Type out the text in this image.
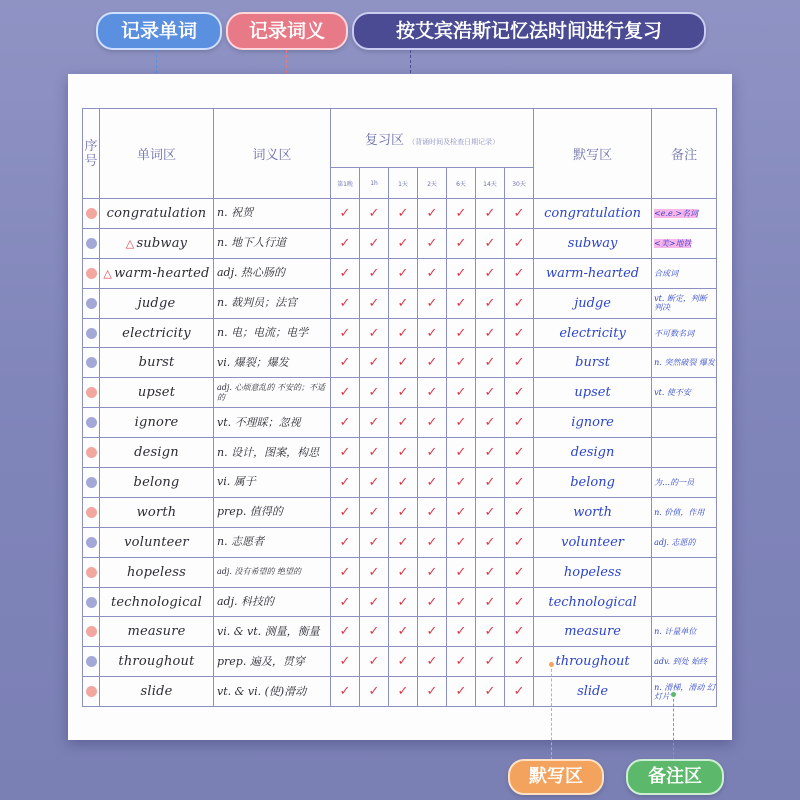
记录单词	记录词义	按艾宾浩斯记忆法时间进行复习
序号	单词区	词义区	复习区 （背诵时间及检查日期记录）							默写区	备注
			第1晚	1h	1天	2天	6天	14天	30天		

	congratulation	n. 祝贺	✓	✓	✓	✓	✓	✓	✓	congratulation	<e.e.>名词

	△ subway	n. 地下人行道	✓	✓	✓	✓	✓	✓	✓	subway	<美>地铁

	△ warm-hearted	adj. 热心肠的	✓	✓	✓	✓	✓	✓	✓	warm-hearted	合成词

	judge	n. 裁判员；法官	✓	✓	✓	✓	✓	✓	✓	judge	vt. 断定，判断 判决

	electricity	n. 电；电流；电学	✓	✓	✓	✓	✓	✓	✓	electricity	不可数名词

	burst	vi. 爆裂；爆发	✓	✓	✓	✓	✓	✓	✓	burst	n. 突然破裂 爆发

	upset	adj. 心烦意乱的 不安的；不适的	✓	✓	✓	✓	✓	✓	✓	upset	vt. 使不安

	ignore	vt. 不理睬；忽视	✓	✓	✓	✓	✓	✓	✓	ignore	

	design	n. 设计，图案，构思	✓	✓	✓	✓	✓	✓	✓	design	

	belong	vi. 属于	✓	✓	✓	✓	✓	✓	✓	belong	为…的一员

	worth	prep. 值得的	✓	✓	✓	✓	✓	✓	✓	worth	n. 价值，作用

	volunteer	n. 志愿者	✓	✓	✓	✓	✓	✓	✓	volunteer	adj. 志愿的

	hopeless	adj. 没有希望的 绝望的	✓	✓	✓	✓	✓	✓	✓	hopeless	

	technological	adj. 科技的	✓	✓	✓	✓	✓	✓	✓	technological	

	measure	vi. & vt. 测量，衡量	✓	✓	✓	✓	✓	✓	✓	measure	n. 计量单位

	throughout	prep. 遍及，贯穿	✓	✓	✓	✓	✓	✓	✓	throughout	adv. 到处 始终

	slide	vt. & vi. (使)滑动	✓	✓	✓	✓	✓	✓	✓	slide	n. 滑梯，滑动 幻灯片
默写区	备注区
